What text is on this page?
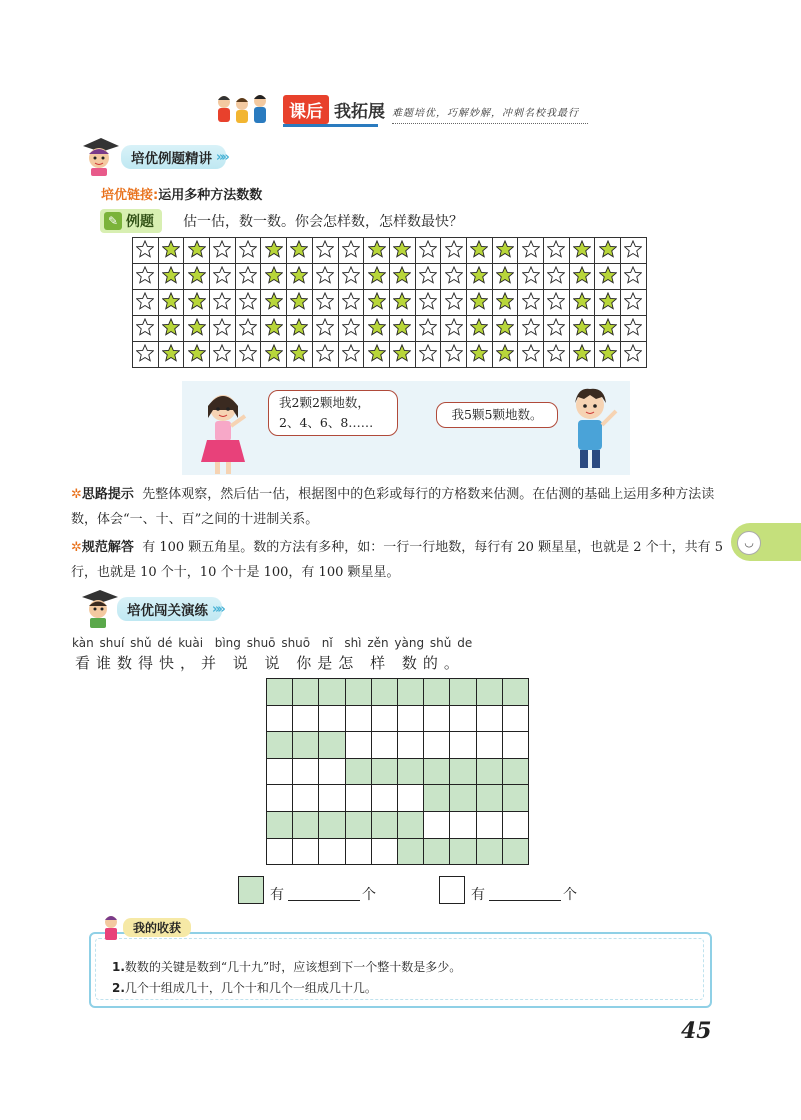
课后 我拓展 难题培优，巧解妙解，冲刺名校我最行
培优例题精讲 »»
培优链接:运用多种方法数数
✎ 例题 估一估，数一数。你会怎样数，怎样数最快？

我2颗2颗地数，
2、4、6、8……
我5颗5颗地数。
✲思路提示 先整体观察，然后估一估，根据图中的色彩或每行的方格数来估测。在估测的基础上运用多种方法读数，体会“一、十、百”之间的十进制关系。
✲规范解答 有 100 颗五角星。数的方法有多种，如：一行一行地数，每行有 20 颗星星，也就是 2 个十，共有 5 行，也就是 10 个十，10 个十是 100，有 100 颗星星。
◡
培优闯关演练 »»
kàn shuí shǔ dé kuài  bìng shuō shuō  nǐ  shì zěn yàng shǔ de
看谁数得快，并 说 说 你是怎 样 数的。

有	个	有	个
我的收获
1.数数的关键是数到“几十九”时，应该想到下一个整十数是多少。
2.几个十组成几十，几个十和几个一组成几十几。
45
